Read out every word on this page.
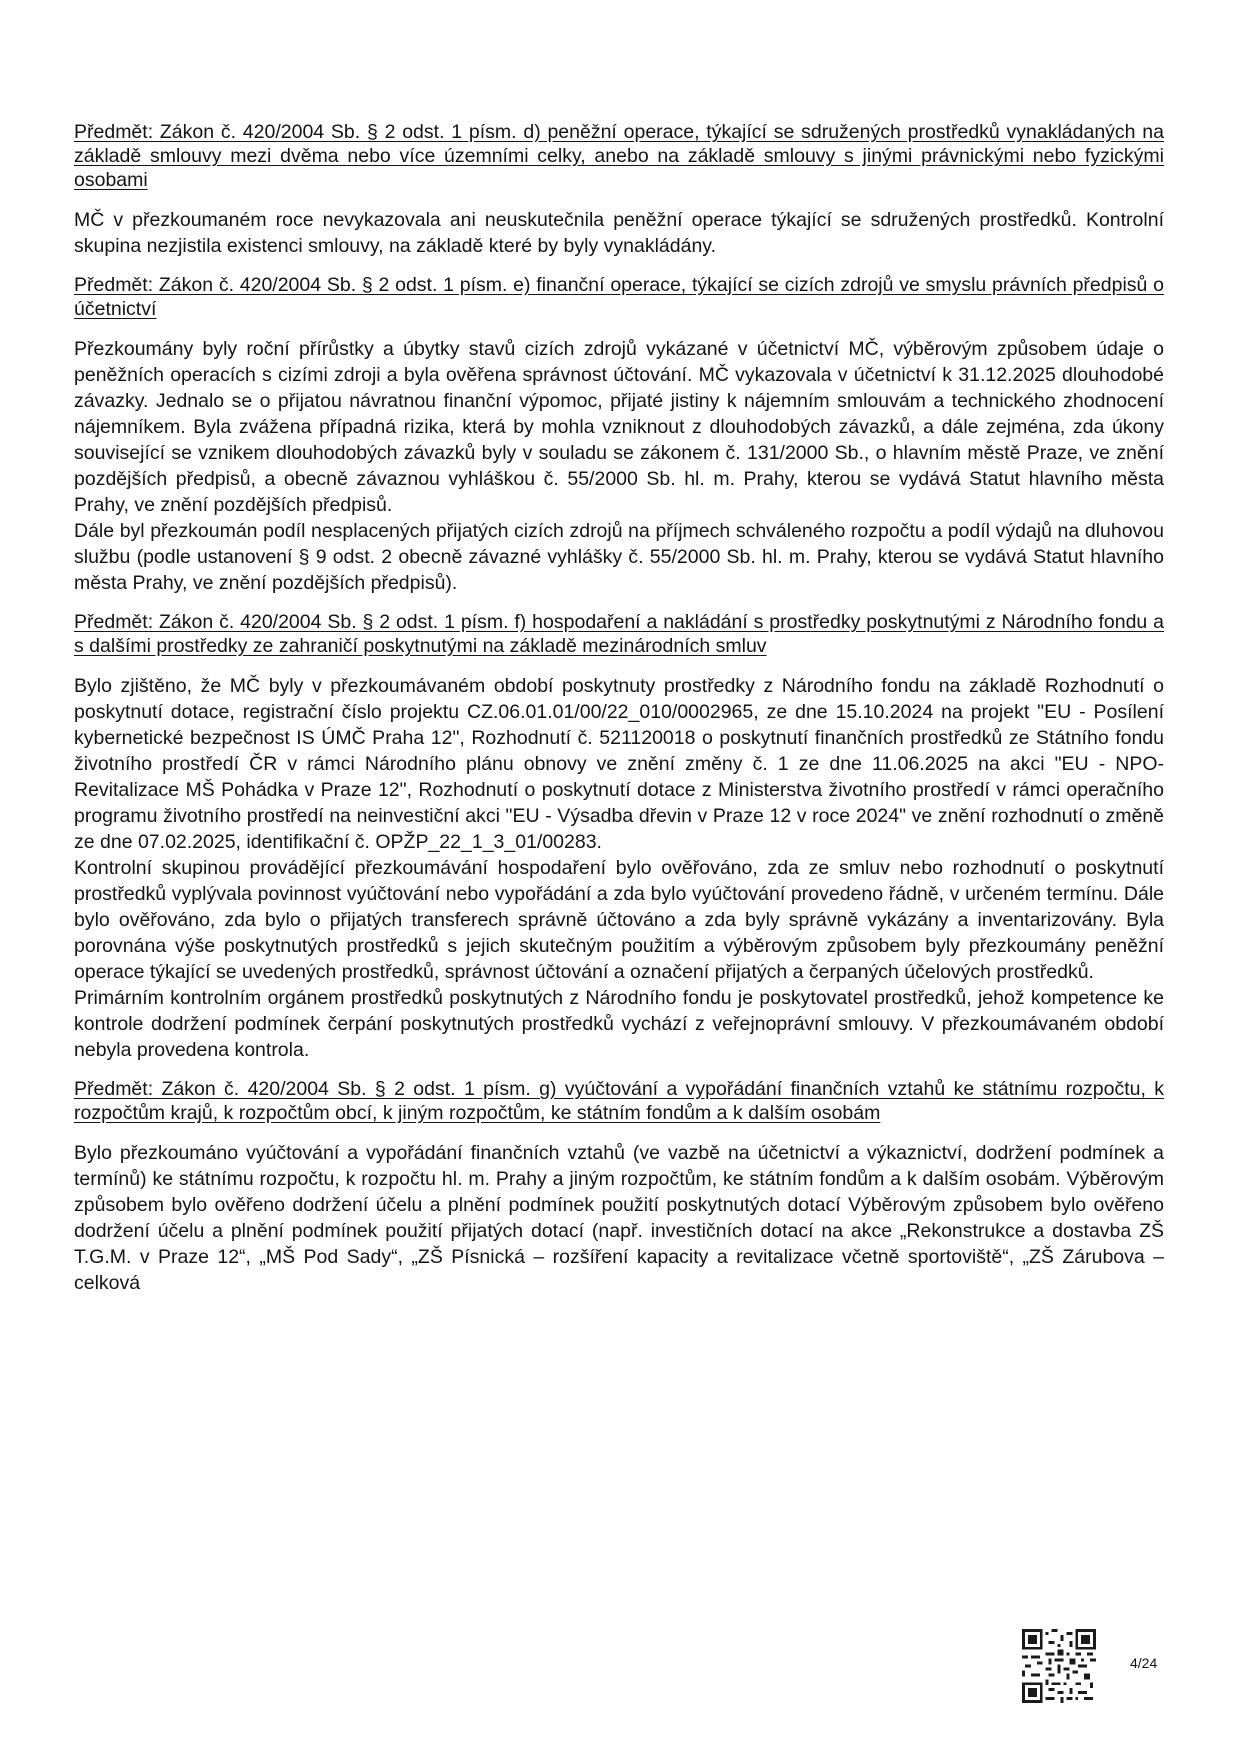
Předmět: Zákon č. 420/2004 Sb. § 2 odst. 1 písm. d) peněžní operace, týkající se sdružených prostředků vynakládaných na základě smlouvy mezi dvěma nebo více územními celky, anebo na základě smlouvy s jinými právnickými nebo fyzickými osobami

MČ v přezkoumaném roce nevykazovala ani neuskutečnila peněžní operace týkající se sdružených prostředků. Kontrolní skupina nezjistila existenci smlouvy, na základě které by byly vynakládány.

Předmět: Zákon č. 420/2004 Sb. § 2 odst. 1 písm. e) finanční operace, týkající se cizích zdrojů ve smyslu právních předpisů o účetnictví

Přezkoumány byly roční přírůstky a úbytky stavů cizích zdrojů vykázané v účetnictví MČ, výběrovým způsobem údaje o peněžních operacích s cizími zdroji a byla ověřena správnost účtování. MČ vykazovala v účetnictví k 31.12.2025 dlouhodobé závazky. Jednalo se o přijatou návratnou finanční výpomoc, přijaté jistiny k nájemním smlouvám a technického zhodnocení nájemníkem. Byla zvážena případná rizika, která by mohla vzniknout z dlouhodobých závazků, a dále zejména, zda úkony související se vznikem dlouhodobých závazků byly v souladu se zákonem č. 131/2000 Sb., o hlavním městě Praze, ve znění pozdějších předpisů, a obecně závaznou vyhláškou č. 55/2000 Sb. hl. m. Prahy, kterou se vydává Statut hlavního města Prahy, ve znění pozdějších předpisů.

Dále byl přezkoumán podíl nesplacených přijatých cizích zdrojů na příjmech schváleného rozpočtu a podíl výdajů na dluhovou službu (podle ustanovení § 9 odst. 2 obecně závazné vyhlášky č. 55/2000 Sb. hl. m. Prahy, kterou se vydává Statut hlavního města Prahy, ve znění pozdějších předpisů).

Předmět: Zákon č. 420/2004 Sb. § 2 odst. 1 písm. f) hospodaření a nakládání s prostředky poskytnutými z Národního fondu a s dalšími prostředky ze zahraničí poskytnutými na základě mezinárodních smluv

Bylo zjištěno, že MČ byly v přezkoumávaném období poskytnuty prostředky z Národního fondu na základě Rozhodnutí o poskytnutí dotace, registrační číslo projektu CZ.06.01.01/00/22_010/0002965, ze dne 15.10.2024 na projekt "EU - Posílení kybernetické bezpečnost IS ÚMČ Praha 12", Rozhodnutí č. 521120018 o poskytnutí finančních prostředků ze Státního fondu životního prostředí ČR v rámci Národního plánu obnovy ve znění změny č. 1 ze dne 11.06.2025 na akci "EU - NPO-Revitalizace MŠ Pohádka v Praze 12", Rozhodnutí o poskytnutí dotace z Ministerstva životního prostředí v rámci operačního programu životního prostředí na neinvestiční akci "EU - Výsadba dřevin v Praze 12 v roce 2024" ve znění rozhodnutí o změně ze dne 07.02.2025, identifikační č. OPŽP_22_1_3_01/00283.

Kontrolní skupinou provádějící přezkoumávání hospodaření bylo ověřováno, zda ze smluv nebo rozhodnutí o poskytnutí prostředků vyplývala povinnost vyúčtování nebo vypořádání a zda bylo vyúčtování provedeno řádně, v určeném termínu. Dále bylo ověřováno, zda bylo o přijatých transferech správně účtováno a zda byly správně vykázány a inventarizovány. Byla porovnána výše poskytnutých prostředků s jejich skutečným použitím a výběrovým způsobem byly přezkoumány peněžní operace týkající se uvedených prostředků, správnost účtování a označení přijatých a čerpaných účelových prostředků.

Primárním kontrolním orgánem prostředků poskytnutých z Národního fondu je poskytovatel prostředků, jehož kompetence ke kontrole dodržení podmínek čerpání poskytnutých prostředků vychází z veřejnoprávní smlouvy. V přezkoumávaném období nebyla provedena kontrola.

Předmět: Zákon č. 420/2004 Sb. § 2 odst. 1 písm. g) vyúčtování a vypořádání finančních vztahů ke státnímu rozpočtu, k rozpočtům krajů, k rozpočtům obcí, k jiným rozpočtům, ke státním fondům a k dalším osobám

Bylo přezkoumáno vyúčtování a vypořádání finančních vztahů (ve vazbě na účetnictví a výkaznictví, dodržení podmínek a termínů) ke státnímu rozpočtu, k rozpočtu hl. m. Prahy a jiným rozpočtům, ke státním fondům a k dalším osobám. Výběrovým způsobem bylo ověřeno dodržení účelu a plnění podmínek použití poskytnutých dotací Výběrovým způsobem bylo ověřeno dodržení účelu a plnění podmínek použití přijatých dotací (např. investičních dotací na akce „Rekonstrukce a dostavba ZŠ T.G.M. v Praze 12“, „MŠ Pod Sady“, „ZŠ Písnická – rozšíření kapacity a revitalizace včetně sportoviště“, „ZŠ Zárubova – celková

4/24
